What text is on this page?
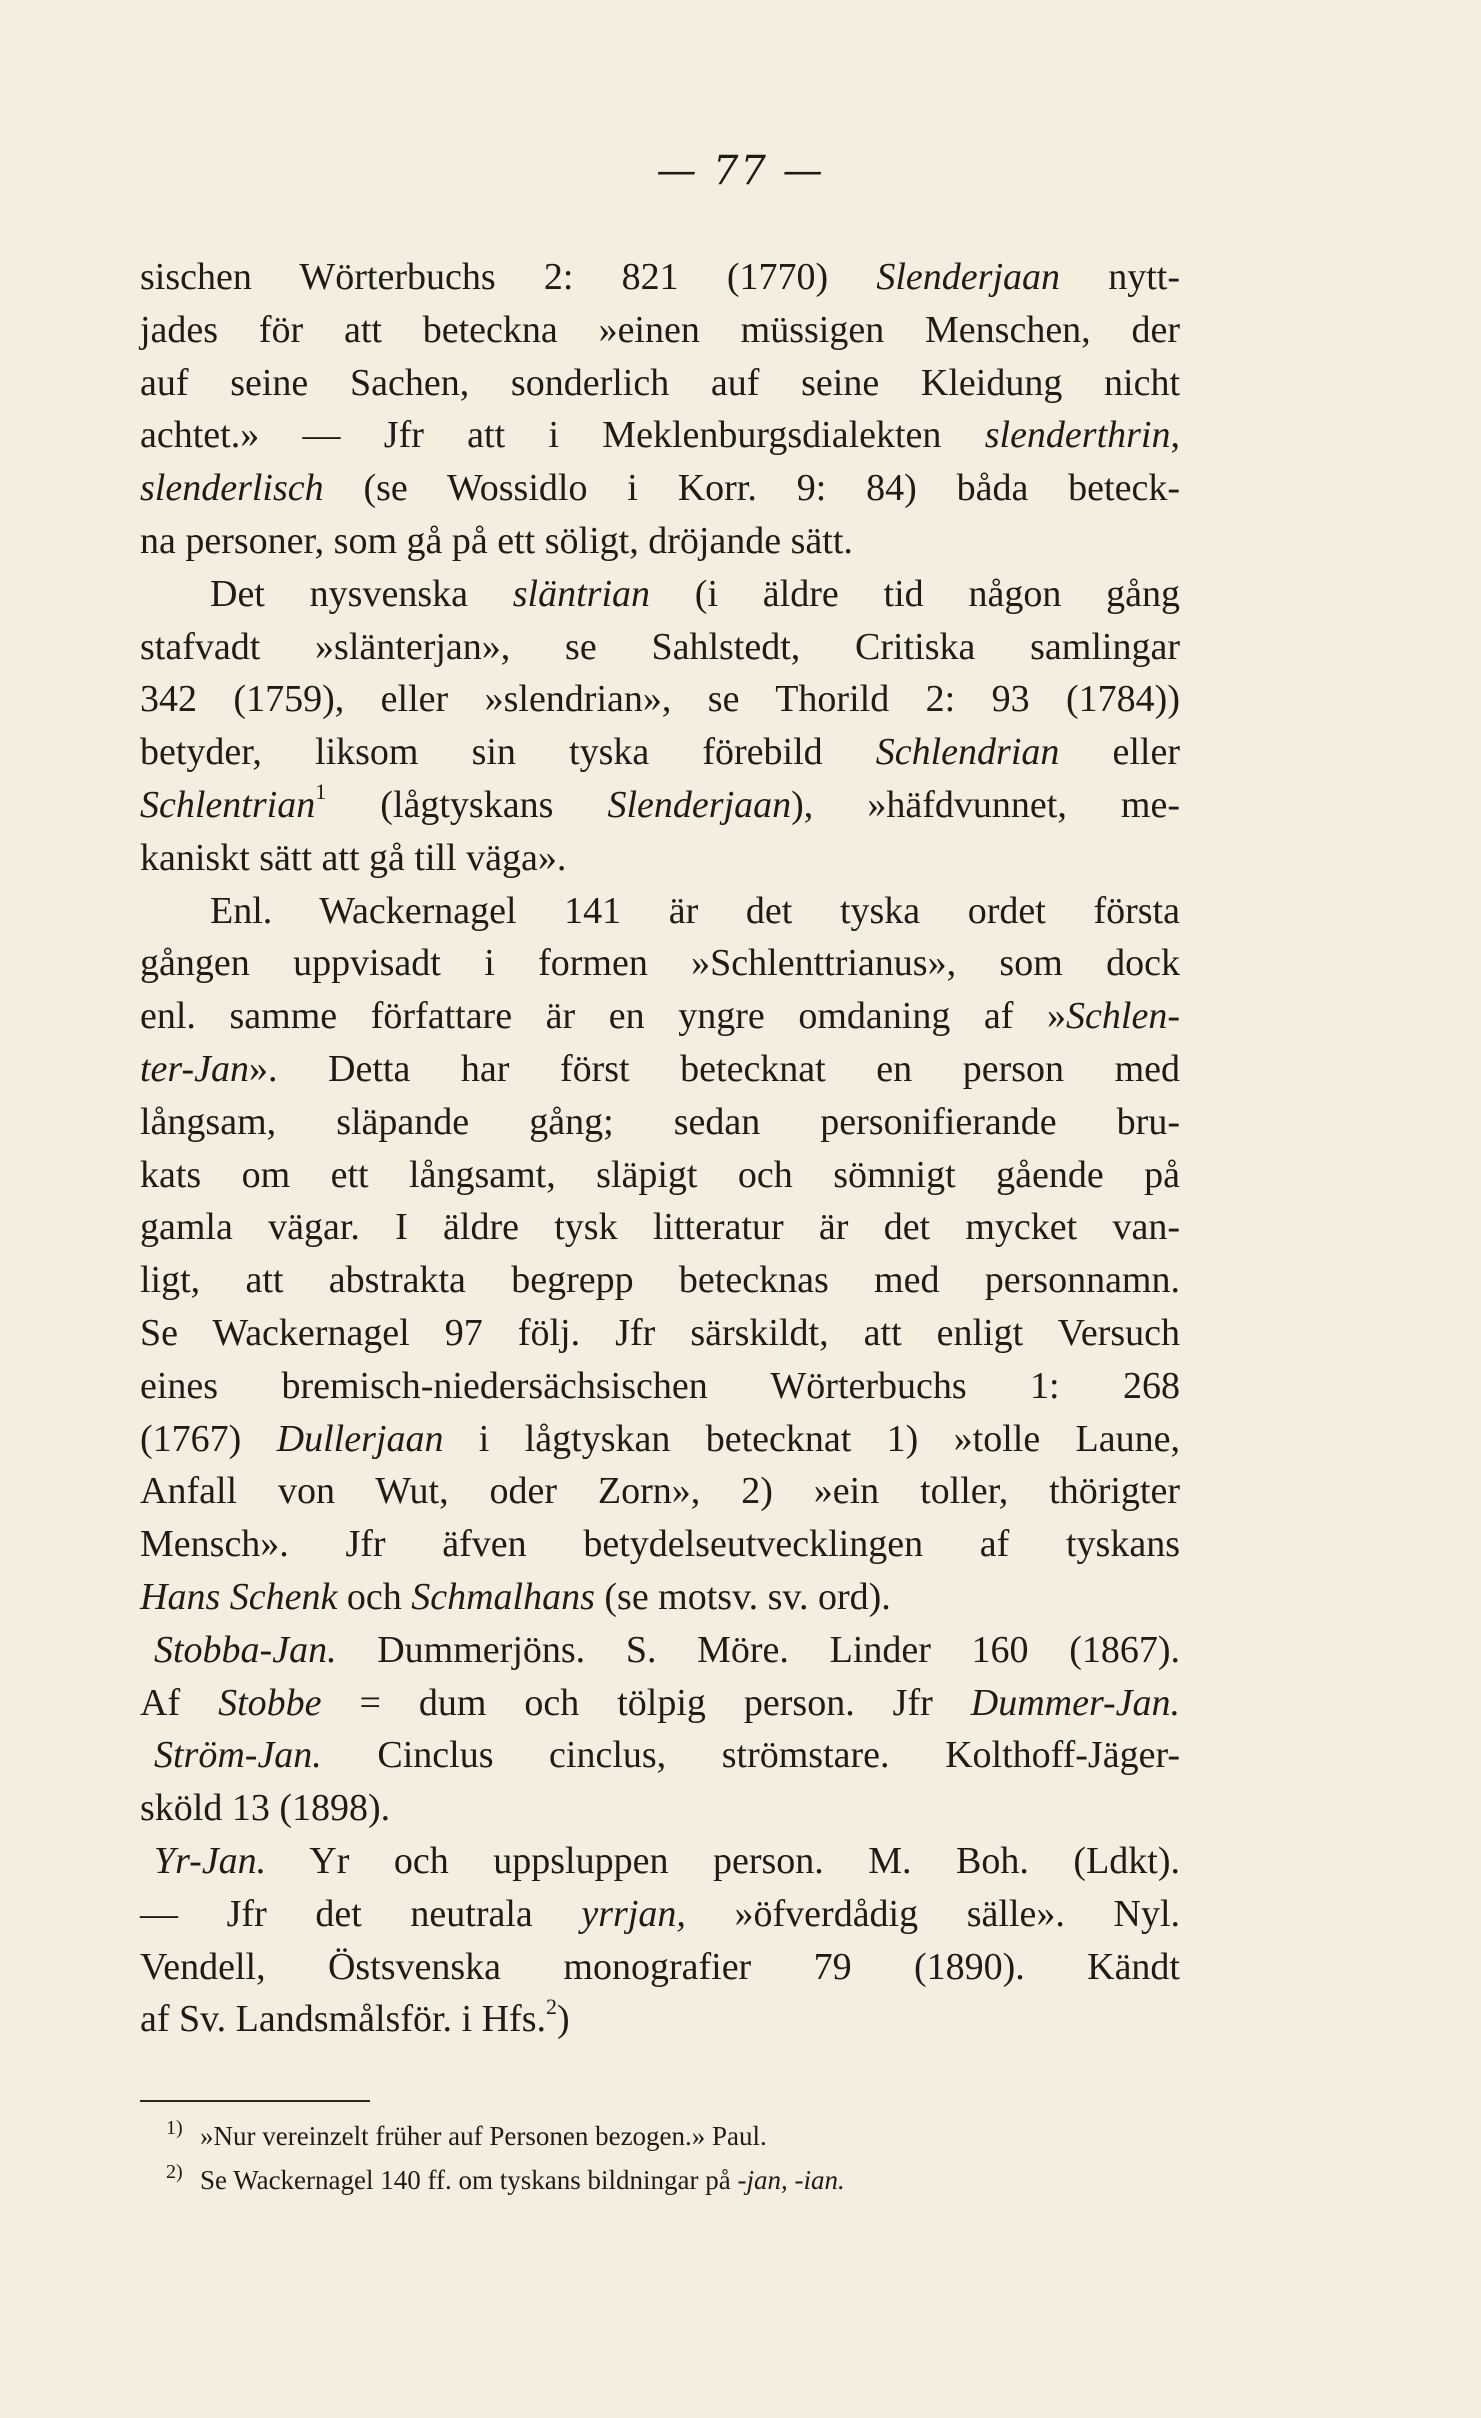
— 77 —
sischen Wörterbuchs 2: 821 (1770) Slenderjaan nytt-
jades för att beteckna »einen müssigen Menschen, der
auf seine Sachen, sonderlich auf seine Kleidung nicht
achtet.» — Jfr att i Meklenburgsdialekten slenderthrin,
slenderlisch (se Wossidlo i Korr. 9: 84) båda beteck-
na personer, som gå på ett söligt, dröjande sätt.
Det nysvenska släntrian (i äldre tid någon gång
stafvadt »slänterjan», se Sahlstedt, Critiska samlingar
342 (1759), eller »slendrian», se Thorild 2: 93 (1784))
betyder, liksom sin tyska förebild Schlendrian eller
Schlentrian$^1$ (lågtyskans Slenderjaan), »häfdvunnet, me-
kaniskt sätt att gå till väga».
Enl. Wackernagel 141 är det tyska ordet första
gången uppvisadt i formen »Schlenttrianus», som dock
enl. samme författare är en yngre omdaning af »Schlen-
ter-Jan». Detta har först betecknat en person med
långsam, släpande gång; sedan personifierande bru-
kats om ett långsamt, släpigt och sömnigt gående på
gamla vägar. I äldre tysk litteratur är det mycket van-
ligt, att abstrakta begrepp betecknas med personnamn.
Se Wackernagel 97 följ. Jfr särskildt, att enligt Versuch
eines bremisch-niedersächsischen Wörterbuchs 1: 268
(1767) Dullerjaan i lågtyskan betecknat 1) »tolle Laune,
Anfall von Wut, oder Zorn», 2) »ein toller, thörigter
Mensch». Jfr äfven betydelseutvecklingen af tyskans
Hans Schenk och Schmalhans (se motsv. sv. ord).
Stobba-Jan. Dummerjöns. S. Möre. Linder 160 (1867).
Af Stobbe = dum och tölpig person. Jfr Dummer-Jan.
Ström-Jan. Cinclus cinclus, strömstare. Kolthoff-Jäger-
sköld 13 (1898).
Yr-Jan. Yr och uppsluppen person. M. Boh. (Ldkt).
— Jfr det neutrala yrrjan, »öfverdådig sälle». Nyl.
Vendell, Östsvenska monografier 79 (1890). Kändt
af Sv. Landsmålsför. i Hfs.$^2$)
1) »Nur vereinzelt früher auf Personen bezogen.» Paul.
2) Se Wackernagel 140 ff. om tyskans bildningar på -jan, -ian.
